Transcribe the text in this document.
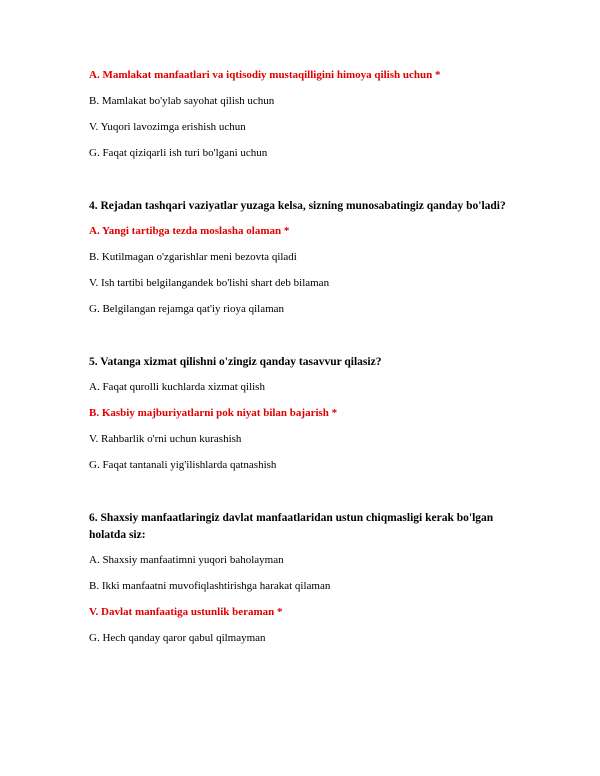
A. Mamlakat manfaatlari va iqtisodiy mustaqilligini himoya qilish uchun *

B. Mamlakat bo'ylab sayohat qilish uchun

V. Yuqori lavozimga erishish uchun

G. Faqat qiziqarli ish turi bo'lgani uchun

4. Rejadan tashqari vaziyatlar yuzaga kelsa, sizning munosabatingiz qanday bo'ladi?

A. Yangi tartibga tezda moslasha olaman *

B. Kutilmagan o'zgarishlar meni bezovta qiladi

V. Ish tartibi belgilangandek bo'lishi shart deb bilaman

G. Belgilangan rejamga qat'iy rioya qilaman

5. Vatanga xizmat qilishni o'zingiz qanday tasavvur qilasiz?

A. Faqat qurolli kuchlarda xizmat qilish

B. Kasbiy majburiyatlarni pok niyat bilan bajarish *

V. Rahbarlik o'rni uchun kurashish

G. Faqat tantanali yig'ilishlarda qatnashish

6. Shaxsiy manfaatlaringiz davlat manfaatlaridan ustun chiqmasligi kerak bo'lgan holatda siz:

A. Shaxsiy manfaatimni yuqori baholayman

B. Ikki manfaatni muvofiqlashtirishga harakat qilaman

V. Davlat manfaatiga ustunlik beraman *

G. Hech qanday qaror qabul qilmayman
